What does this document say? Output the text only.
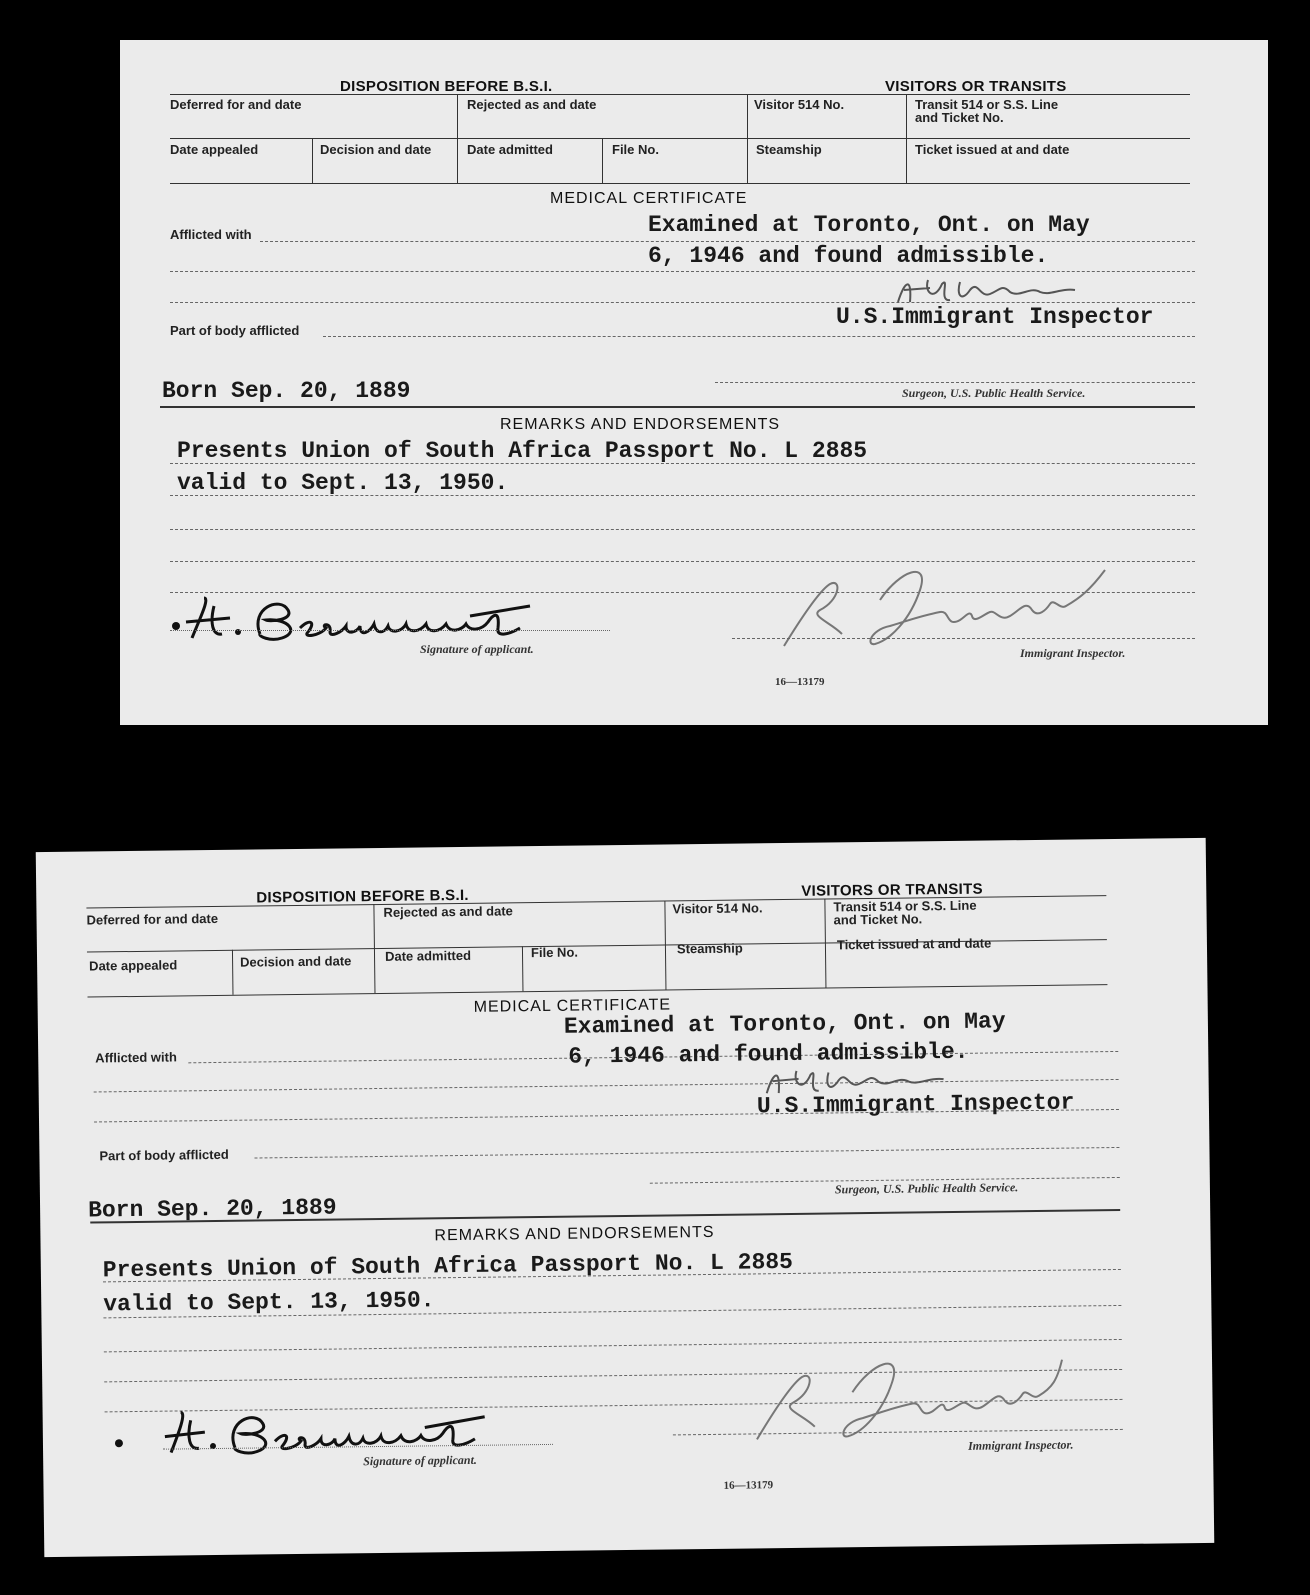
DISPOSITION BEFORE B.S.I.	VISITORS OR TRANSITS
Deferred for and date	Rejected as and date	Visitor 514 No.	Transit 514 or S.S. Line
and Ticket No.
Date appealed	Decision and date	Date admitted	File No.	Steamship	Ticket issued at and date
MEDICAL CERTIFICATE
Examined at Toronto, Ont. on May
Afflicted with
6, 1946 and found admissible.
U.S.Immigrant Inspector
Part of body afflicted
Born Sep. 20, 1889	Surgeon, U.S. Public Health Service.
REMARKS AND ENDORSEMENTS
Presents Union of South Africa Passport No. L 2885
valid to Sept. 13, 1950.
Signature of applicant.	Immigrant Inspector.
16—13179
DISPOSITION BEFORE B.S.I.	VISITORS OR TRANSITS
Deferred for and date	Rejected as and date	Visitor 514 No.	Transit 514 or S.S. Line
and Ticket No.
Date appealed	Decision and date	Date admitted	File No.	Steamship	Ticket issued at and date
MEDICAL CERTIFICATE
Examined at Toronto, Ont. on May
Afflicted with	6, 1946 and found admissible.
U.S.Immigrant Inspector
Part of body afflicted
Born Sep. 20, 1889
Surgeon, U.S. Public Health Service.
REMARKS AND ENDORSEMENTS
Presents Union of South Africa Passport No. L 2885
valid to Sept. 13, 1950.
Signature of applicant.
Immigrant Inspector.
16—13179
